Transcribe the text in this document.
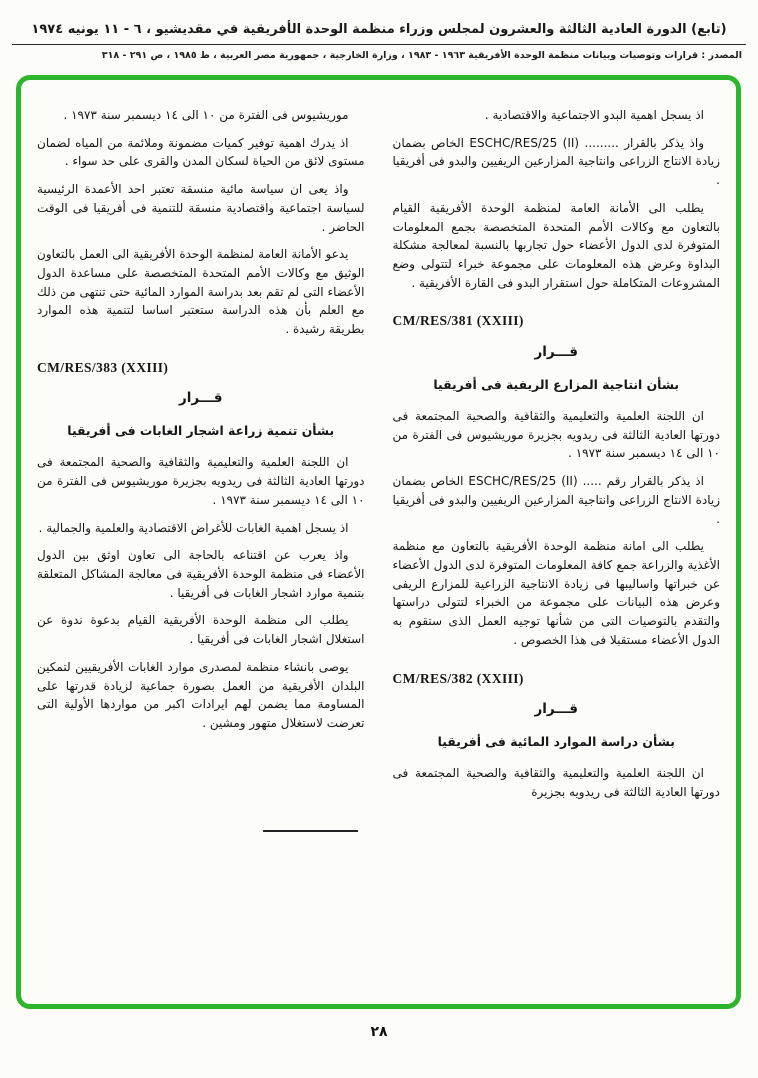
(تابع) الدورة العادية الثالثة والعشرون لمجلس وزراء منظمة الوحدة الأفريقية في مقديشيو ، ٦ - ١١ يونيه ١٩٧٤
المصدر : قرارات وتوصيات وبيانات منظمة الوحدة الأفريقية ١٩٦٣ - ١٩٨٣ ، وزارة الخارجية ، جمهورية مصر العربية ، ط ١٩٨٥ ، ص ٢٩١ - ٣١٨
اذ يسجل اهمية البدو الاجتماعية والاقتصادية .
واذ يذكر بالقرار ......... ‪ESCHC/RES/25 (II)‬ الخاص بضمان زيادة الانتاج الزراعى وانتاجية المزارعين الريفيين والبدو فى أفريقيا .
يطلب الى الأمانة العامة لمنظمة الوحدة الأفريقية القيام بالتعاون مع وكالات الأمم المتحدة المتخصصة بجمع المعلومات المتوفرة لدى الدول الأعضاء حول تجاربها بالنسبة لمعالجة مشكلة البداوة وعرض هذه المعلومات على مجموعة خبراء لتتولى وضع المشروعات المتكاملة حول استقرار البدو فى القارة الأفريقية .
CM/RES/381 (XXIII)
قـــرار
بشأن انتاجية المزارع الريفية فى أفريقيا
ان اللجنة العلمية والتعليمية والثقافية والصحية المجتمعة فى دورتها العادية الثالثة فى ريدويه بجزيرة موريشيوس فى الفترة من ١٠ الى ١٤ ديسمبر سنة ١٩٧٣ .
اذ يذكر بالقرار رقم ..... ‪ESCHC/RES/25 (II)‬ الخاص بضمان زيادة الانتاج الزراعى وانتاجية المزارعين الريفيين والبدو فى أفريقيا .
يطلب الى امانة منظمة الوحدة الأفريقية بالتعاون مع منظمة الأغذية والزراعة جمع كافة المعلومات المتوفرة لدى الدول الأعضاء عن خبراتها واساليبها فى زيادة الانتاجية الزراعية للمزارع الريفى وعرض هذه البيانات على مجموعة من الخبراء لتتولى دراستها والتقدم بالتوصيات التى من شأنها توجيه العمل الذى ستقوم به الدول الأعضاء مستقبلا فى هذا الخصوص .
CM/RES/382 (XXIII)
قـــرار
بشأن دراسة الموارد المائية فى أفريقيا
ان اللجنة العلمية والتعليمية والثقافية والصحية المجتمعة فى دورتها العادية الثالثة فى ريدويه بجزيرة
موريشيوس فى الفترة من ١٠ الى ١٤ ديسمبر سنة ١٩٧٣ .
اذ يدرك اهمية توفير كميات مضمونة وملائمة من المياه لضمان مستوى لائق من الحياة لسكان المدن والقرى على حد سواء .
واذ يعى ان سياسة مائية منسقة تعتبر احد الأعمدة الرئيسية لسياسة اجتماعية واقتصادية منسقة للتنمية فى أفريقيا فى الوقت الحاضر .
يدعو الأمانة العامة لمنظمة الوحدة الأفريقية الى العمل بالتعاون الوثيق مع وكالات الأمم المتحدة المتخصصة على مساعدة الدول الأعضاء التى لم تقم بعد بدراسة الموارد المائية حتى تنتهى من ذلك مع العلم بأن هذه الدراسة ستعتبر اساسا لتنمية هذه الموارد بطريقة رشيدة .
CM/RES/383 (XXIII)
قـــرار
بشأن تنمية زراعة اشجار الغابات فى أفريقيا
ان اللجنة العلمية والتعليمية والثقافية والصحية المجتمعة فى دورتها العادية الثالثة فى ريدويه بجزيرة موريشيوس فى الفترة من ١٠ الى ١٤ ديسمبر سنة ١٩٧٣ .
اذ يسجل اهمية الغابات للأغراض الاقتصادية والعلمية والجمالية .
واذ يعرب عن اقتناعه بالحاجة الى تعاون اوثق بين الدول الأعضاء فى منظمة الوحدة الأفريقية فى معالجة المشاكل المتعلقة بتنمية موارد اشجار الغابات فى أفريقيا .
يطلب الى منظمة الوحدة الأفريقية القيام بدعوة ندوة عن استغلال اشجار الغابات فى أفريقيا .
يوصى بانشاء منظمة لمصدرى موارد الغابات الأفريقيين لتمكين البلدان الأفريقية من العمل بصورة جماعية لزيادة قدرتها على المساومة مما يضمن لهم ايرادات اكبر من مواردها الأولية التى تعرضت لاستغلال متهور ومشين .
٢٨
